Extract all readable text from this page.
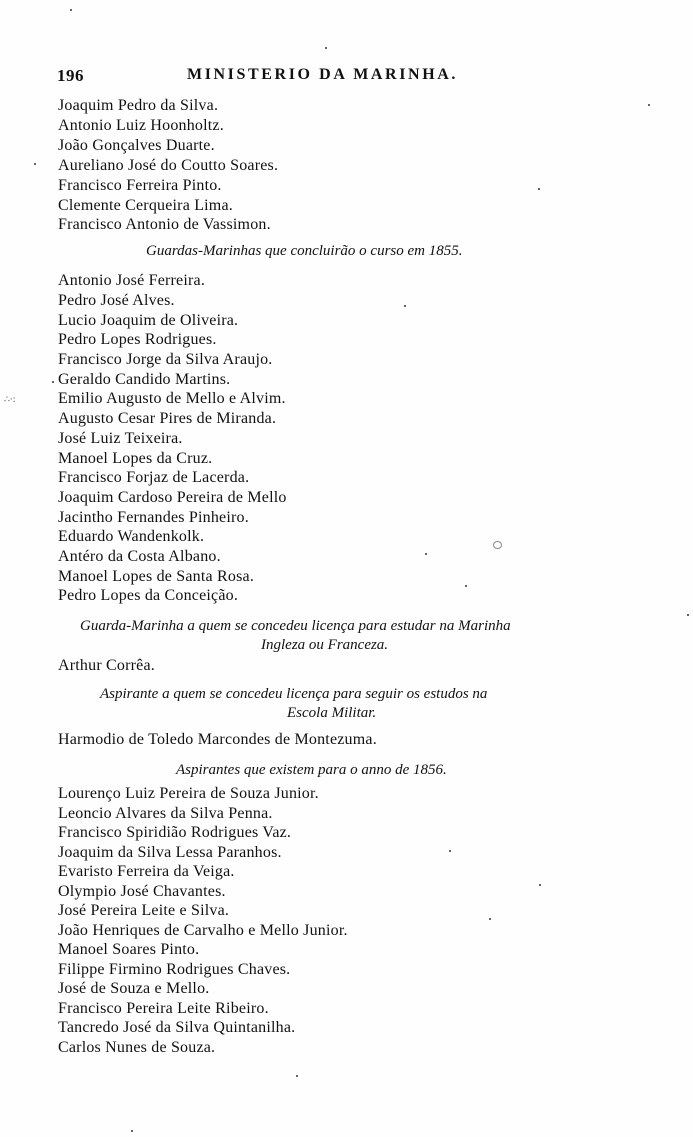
196	MINISTERIO DA MARINHA.
Joaquim Pedro da Silva.
Antonio Luiz Hoonholtz.
João Gonçalves Duarte.
Aureliano José do Coutto Soares.
Francisco Ferreira Pinto.
Clemente Cerqueira Lima.
Francisco Antonio de Vassimon.
Guardas-Marinhas que concluirão o curso em 1855.
Antonio José Ferreira.
Pedro José Alves.
Lucio Joaquim de Oliveira.
Pedro Lopes Rodrigues.
Francisco Jorge da Silva Araujo.
Geraldo Candido Martins.
Emilio Augusto de Mello e Alvim.
Augusto Cesar Pires de Miranda.
José Luiz Teixeira.
Manoel Lopes da Cruz.
Francisco Forjaz de Lacerda.
Joaquim Cardoso Pereira de Mello
Jacintho Fernandes Pinheiro.
Eduardo Wandenkolk.
Antéro da Costa Albano.
Manoel Lopes de Santa Rosa.
Pedro Lopes da Conceição.
Guarda-Marinha a quem se concedeu licença para estudar na Marinha
Ingleza ou Franceza.
Arthur Corrêa.
Aspirante a quem se concedeu licença para seguir os estudos na
Escola Militar.
Harmodio de Toledo Marcondes de Montezuma.
Aspirantes que existem para o anno de 1856.
Lourenço Luiz Pereira de Souza Junior.
Leoncio Alvares da Silva Penna.
Francisco Spiridião Rodrigues Vaz.
Joaquim da Silva Lessa Paranhos.
Evaristo Ferreira da Veiga.
Olympio José Chavantes.
José Pereira Leite e Silva.
João Henriques de Carvalho e Mello Junior.
Manoel Soares Pinto.
Filippe Firmino Rodrigues Chaves.
José de Souza e Mello.
Francisco Pereira Leite Ribeiro.
Tancredo José da Silva Quintanilha.
Carlos Nunes de Souza.
∴·:
